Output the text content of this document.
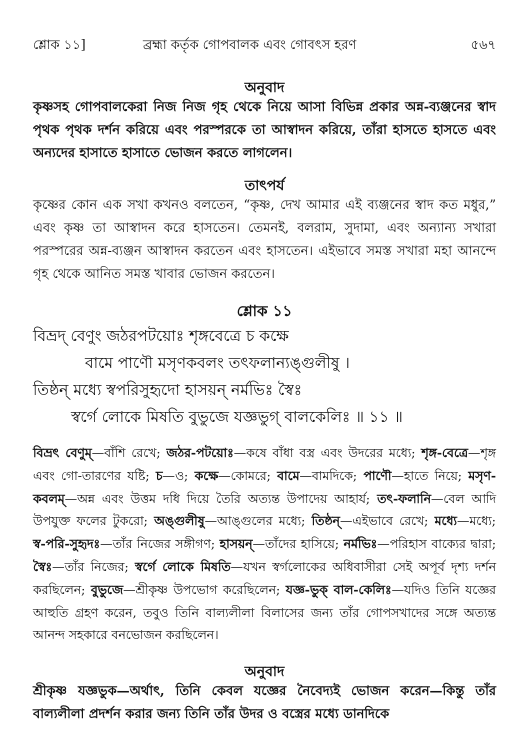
শ্লোক ১১]	ব্রহ্মা কর্তৃক গোপবালক এবং গোবৎস হরণ	৫৬৭
অনুবাদ

কৃষ্ণসহ গোপবালকেরা নিজ নিজ গৃহ থেকে নিয়ে আসা বিভিন্ন প্রকার অন্ন-ব্যঞ্জনের স্বাদ পৃথক পৃথক দর্শন করিয়ে এবং পরস্পরকে তা আস্বাদন করিয়ে, তাঁরা হাসতে হাসতে এবং অন্যদের হাসাতে হাসাতে ভোজন করতে লাগলেন।

তাৎপর্য

কৃষ্ণের কোন এক সখা কখনও বলতেন, “কৃষ্ণ, দেখ আমার এই ব্যঞ্জনের স্বাদ কত মধুর,” এবং কৃষ্ণ তা আস্বাদন করে হাসতেন। তেমনই, বলরাম, সুদামা, এবং অন্যান্য সখারা পরস্পরের অন্ন-ব্যঞ্জন আস্বাদন করতেন এবং হাসতেন। এইভাবে সমস্ত সখারা মহা আনন্দে গৃহ থেকে আনিত সমস্ত খাবার ভোজন করতেন।

শ্লোক ১১
বিভ্রদ্ বেণুং জঠরপটয়োঃ শৃঙ্গবেত্রে চ কক্ষে
বামে পাণৌ মসৃণকবলং তৎফলান্যঙ্গুলীষু ।
তিষ্ঠন্ মধ্যে স্বপরিসুহৃদো হাসয়ন্ নর্মভিঃ স্বৈঃ
স্বর্গে লোকে মিষতি বুভুজে যজ্ঞভুগ্ বালকেলিঃ ॥ ১১ ॥

বিভ্রৎ বেণুম্—বাঁশি রেখে; জঠর-পটয়োঃ—কষে বাঁধা বস্ত্র এবং উদরের মধ্যে; শৃঙ্গ-বেত্রে—শৃঙ্গ এবং গো-তারণের যষ্টি; চ—ও; কক্ষে—কোমরে; বামে—বামদিকে; পাণৌ—হাতে নিয়ে; মসৃণ-কবলম্—অন্ন এবং উত্তম দধি দিয়ে তৈরি অত্যন্ত উপাদেয় আহার্য; তৎ-ফলানি—বেল আদি উপযুক্ত ফলের টুকরো; অঙ্গুলীষু—আঙ্গুলের মধ্যে; তিষ্ঠন্—এইভাবে রেখে; মধ্যে—মধ্যে; স্ব-পরি-সুহৃদঃ—তাঁর নিজের সঙ্গীগণ; হাসয়ন্—তাঁদের হাসিয়ে; নর্মভিঃ—পরিহাস বাক্যের দ্বারা; স্বৈঃ—তাঁর নিজের; স্বর্গে লোকে মিষতি—যখন স্বর্গলোকের অধিবাসীরা সেই অপূর্ব দৃশ্য দর্শন করছিলেন; বুভুজে—শ্রীকৃষ্ণ উপভোগ করেছিলেন; যজ্ঞ-ভুক্ বাল-কেলিঃ—যদিও তিনি যজ্ঞের আহুতি গ্রহণ করেন, তবুও তিনি বাল্যলীলা বিলাসের জন্য তাঁর গোপসখাদের সঙ্গে অত্যন্ত আনন্দ সহকারে বনভোজন করছিলেন।

অনুবাদ

শ্রীকৃষ্ণ যজ্ঞভুক—অর্থাৎ, তিনি কেবল যজ্ঞের নৈবেদ্যই ভোজন করেন—কিন্তু তাঁর বাল্যলীলা প্রদর্শন করার জন্য তিনি তাঁর উদর ও বস্ত্রের মধ্যে ডানদিকে
